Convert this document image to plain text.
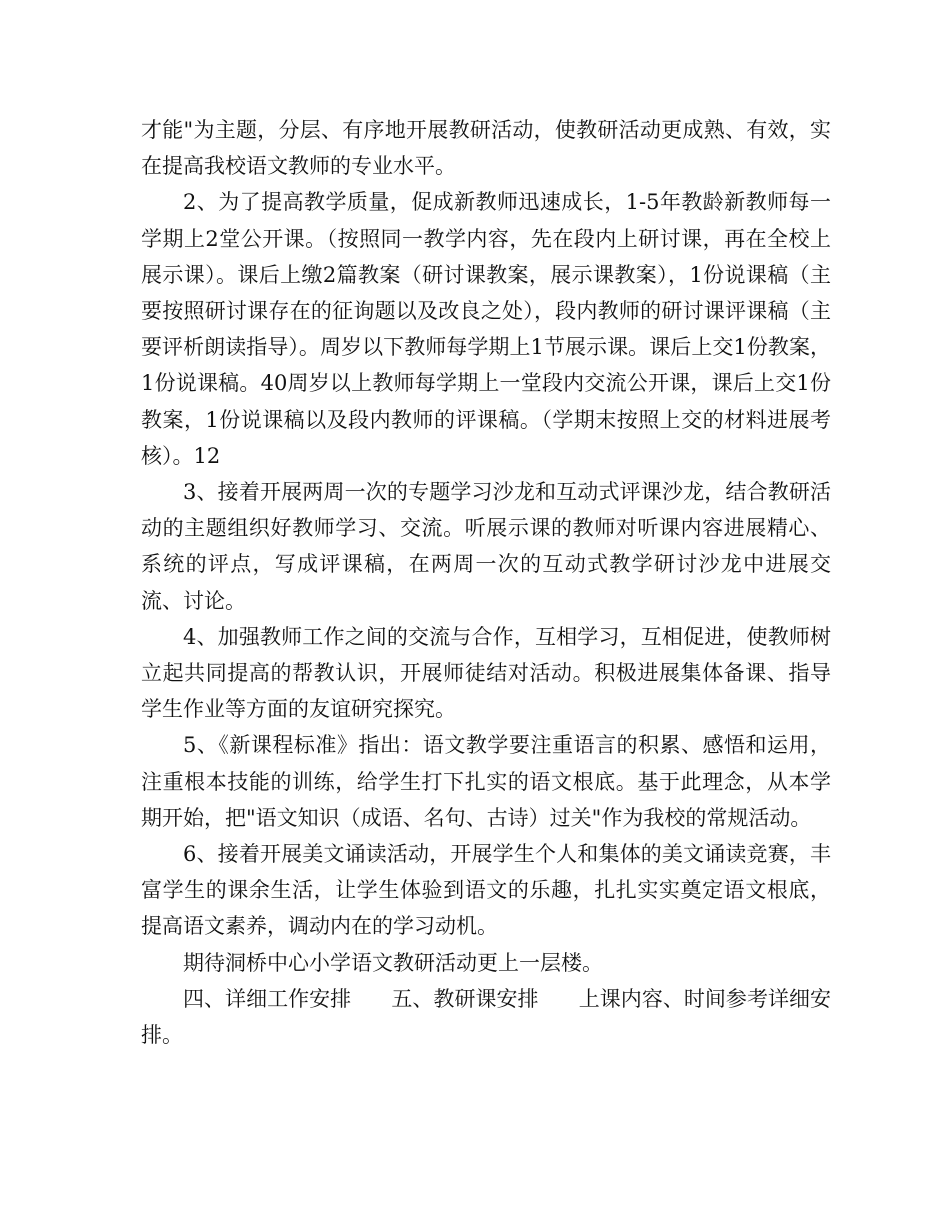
才能"为主题，分层、有序地开展教研活动，使教研活动更成熟、有效，实在提高我校语文教师的专业水平。

2、为了提高教学质量，促成新教师迅速成长，1-5年教龄新教师每一学期上2堂公开课。（按照同一教学内容，先在段内上研讨课，再在全校上展示课）。课后上缴2篇教案（研讨课教案，展示课教案），1份说课稿（主要按照研讨课存在的征询题以及改良之处），段内教师的研讨课评课稿（主要评析朗读指导）。周岁以下教师每学期上1节展示课。课后上交1份教案，1份说课稿。40周岁以上教师每学期上一堂段内交流公开课，课后上交1份教案，1份说课稿以及段内教师的评课稿。（学期末按照上交的材料进展考核）。12

3、接着开展两周一次的专题学习沙龙和互动式评课沙龙，结合教研活动的主题组织好教师学习、交流。听展示课的教师对听课内容进展精心、系统的评点，写成评课稿，在两周一次的互动式教学研讨沙龙中进展交流、讨论。

4、加强教师工作之间的交流与合作，互相学习，互相促进，使教师树立起共同提高的帮教认识，开展师徒结对活动。积极进展集体备课、指导学生作业等方面的友谊研究探究。

5、《新课程标准》指出：语文教学要注重语言的积累、感悟和运用，注重根本技能的训练，给学生打下扎实的语文根底。基于此理念，从本学期开始，把"语文知识（成语、名句、古诗）过关"作为我校的常规活动。

6、接着开展美文诵读活动，开展学生个人和集体的美文诵读竞赛，丰富学生的课余生活，让学生体验到语文的乐趣，扎扎实实奠定语文根底，提高语文素养，调动内在的学习动机。

期待洞桥中心小学语文教研活动更上一层楼。

四、详细工作安排 五、教研课安排 上课内容、时间参考详细安排。
